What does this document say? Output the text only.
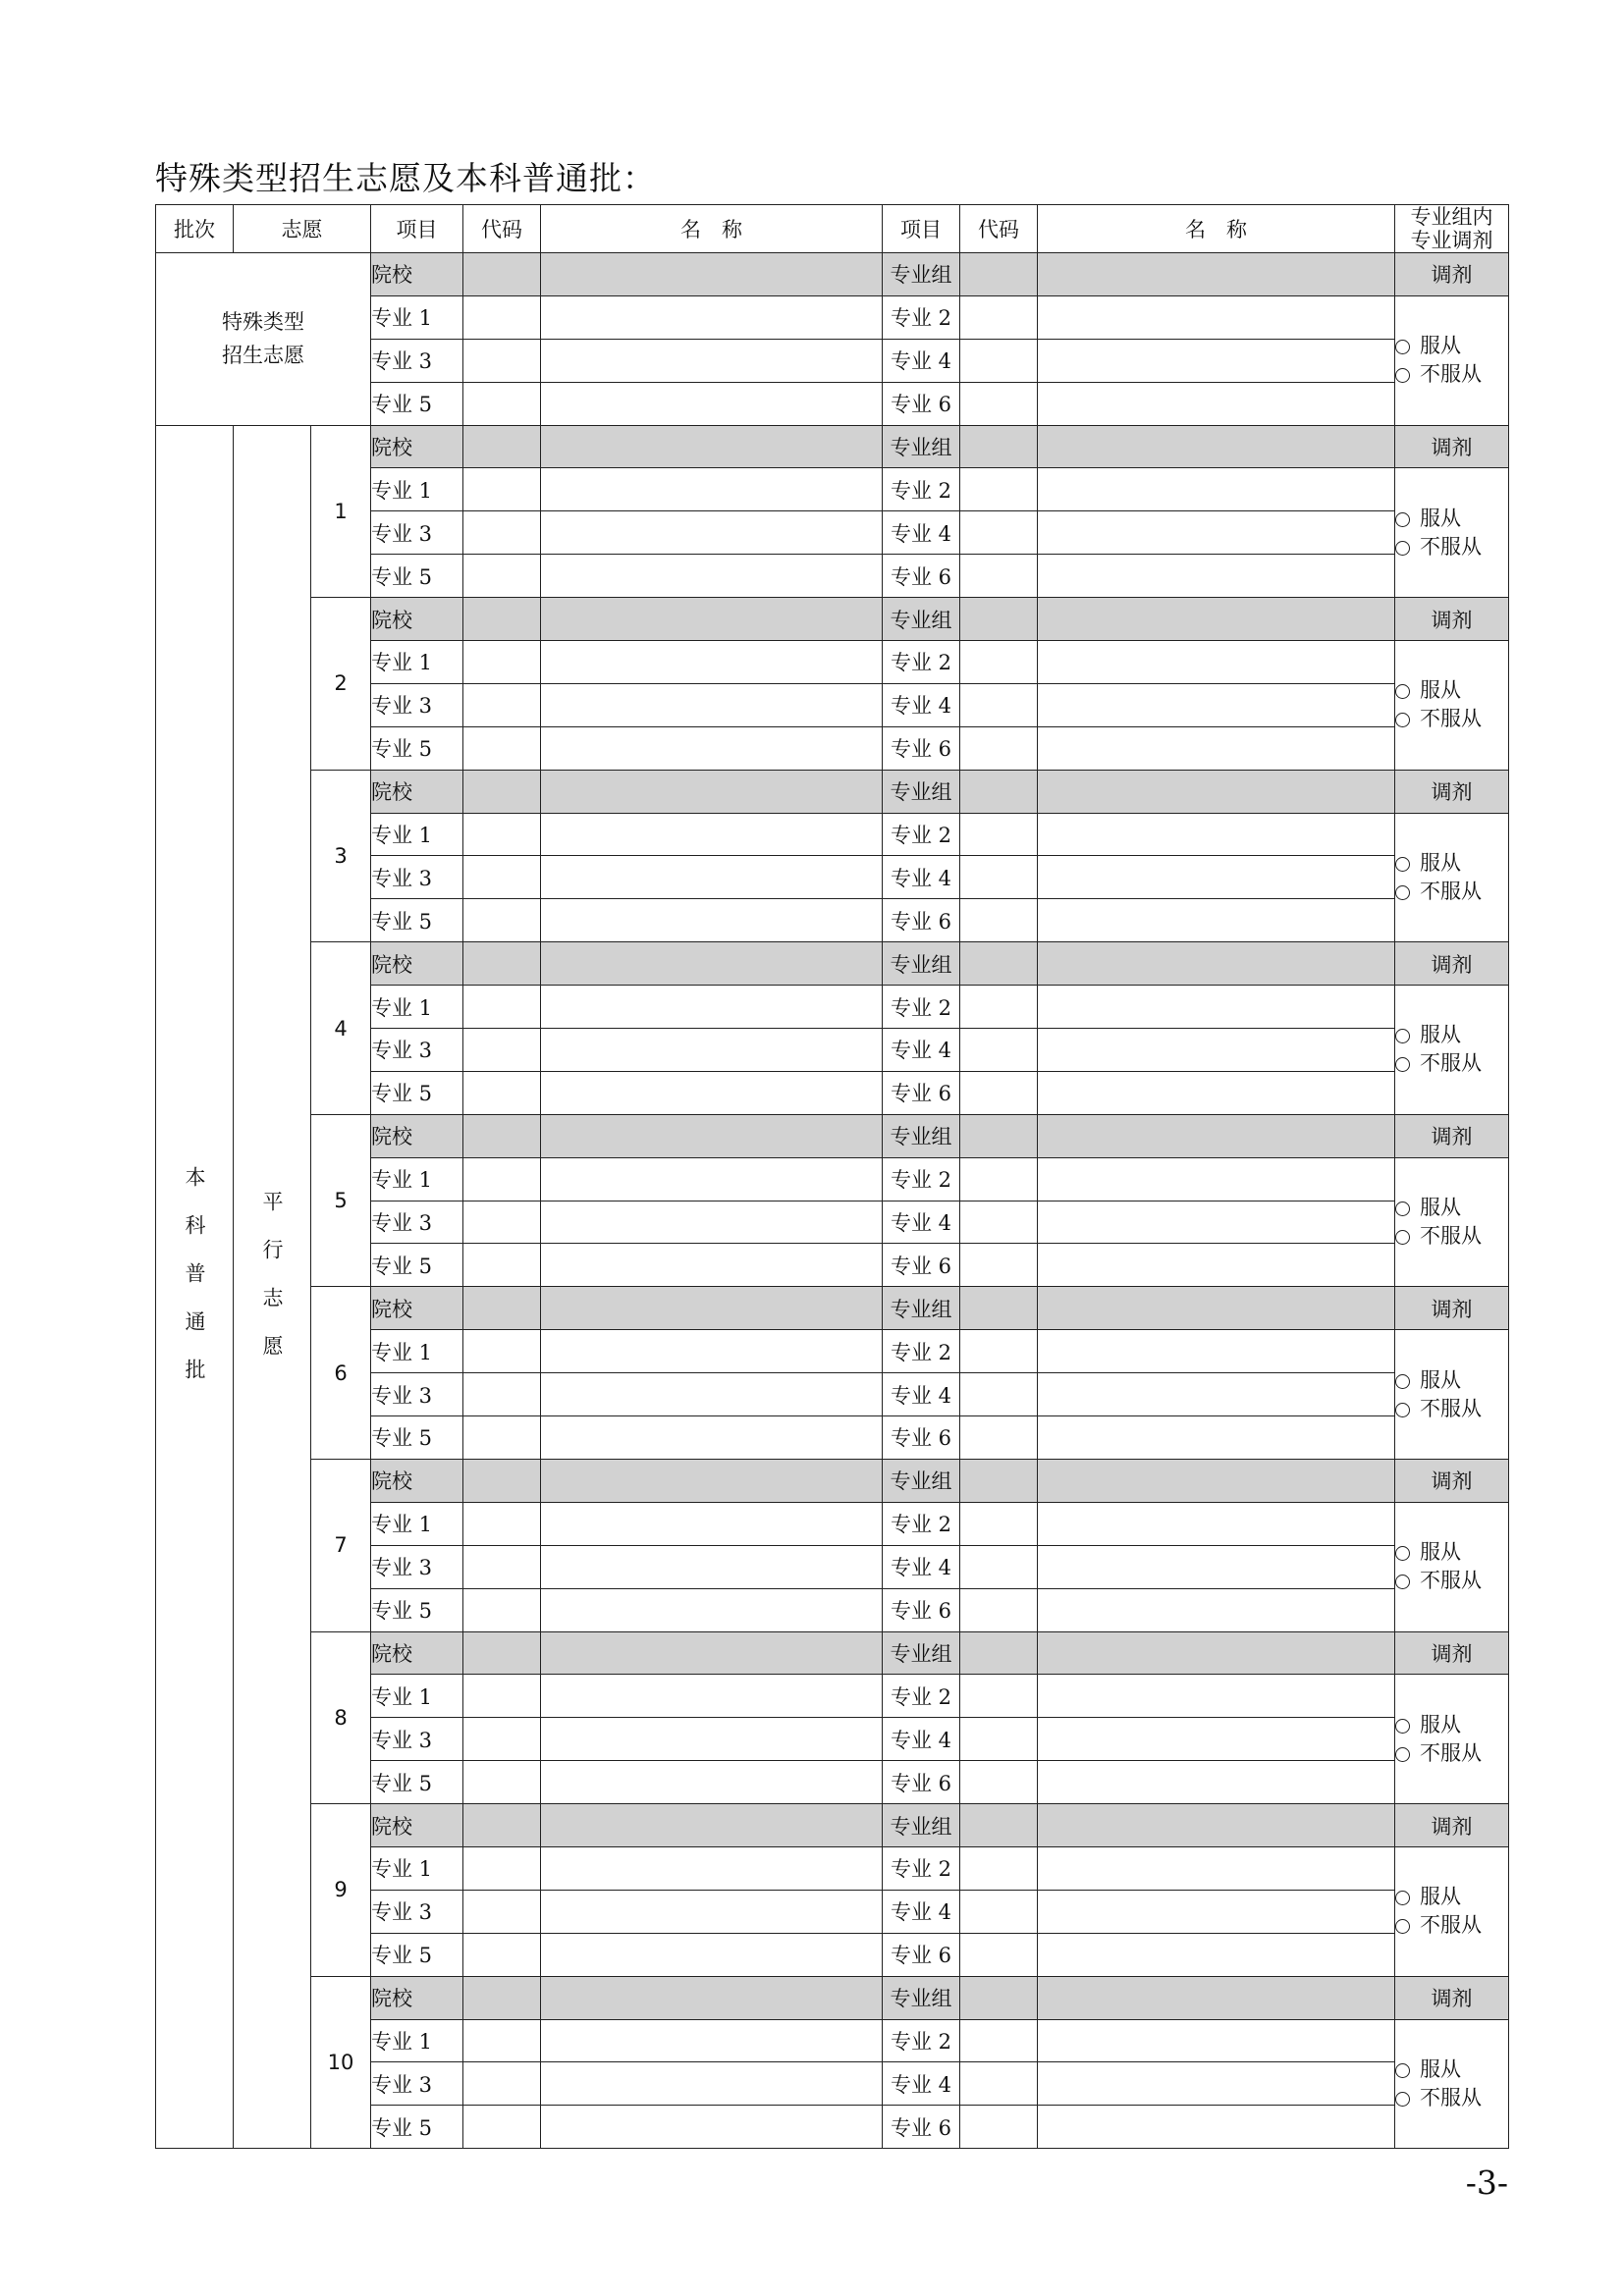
特殊类型招生志愿及本科普通批：
批次	志愿		项目	代码	名　称	项目	代码	名　称	专业组内
专业调剂
特殊类型
招生志愿			院校			专业组			调剂
			专业 1			专业 2			服从
不服从

			专业 3			专业 4			
			专业 5			专业 6			
本科普通批	平行志愿	1	院校			专业组			调剂
			专业 1			专业 2			服从
不服从

			专业 3			专业 4			
			专业 5			专业 6			
		2	院校			专业组			调剂
			专业 1			专业 2			服从
不服从

			专业 3			专业 4			
			专业 5			专业 6			
		3	院校			专业组			调剂
			专业 1			专业 2			服从
不服从

			专业 3			专业 4			
			专业 5			专业 6			
		4	院校			专业组			调剂
			专业 1			专业 2			服从
不服从

			专业 3			专业 4			
			专业 5			专业 6			
		5	院校			专业组			调剂
			专业 1			专业 2			服从
不服从

			专业 3			专业 4			
			专业 5			专业 6			
		6	院校			专业组			调剂
			专业 1			专业 2			服从
不服从

			专业 3			专业 4			
			专业 5			专业 6			
		7	院校			专业组			调剂
			专业 1			专业 2			服从
不服从

			专业 3			专业 4			
			专业 5			专业 6			
		8	院校			专业组			调剂
			专业 1			专业 2			服从
不服从

			专业 3			专业 4			
			专业 5			专业 6			
		9	院校			专业组			调剂
			专业 1			专业 2			服从
不服从

			专业 3			专业 4			
			专业 5			专业 6			
		10	院校			专业组			调剂
			专业 1			专业 2			服从
不服从

			专业 3			专业 4			
			专业 5			专业 6			
-3-
